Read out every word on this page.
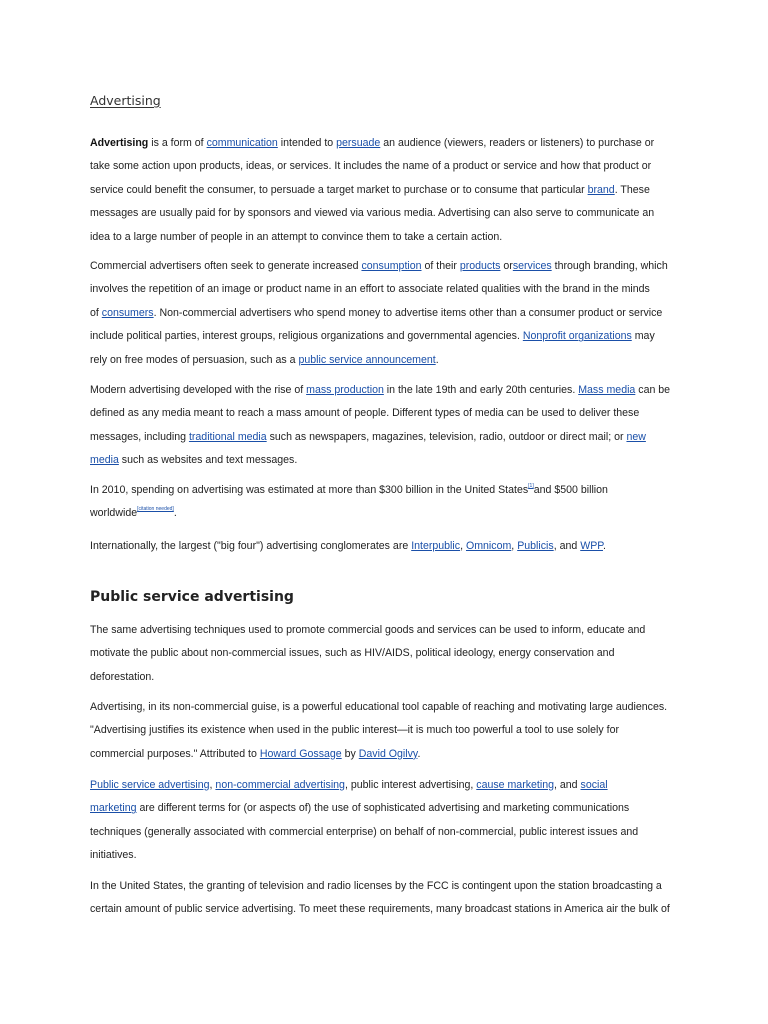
Advertising

Advertising is a form of communication intended to persuade an audience (viewers, readers or listeners) to purchase or
take some action upon products, ideas, or services. It includes the name of a product or service and how that product or
service could benefit the consumer, to persuade a target market to purchase or to consume that particular brand. These
messages are usually paid for by sponsors and viewed via various media. Advertising can also serve to communicate an
idea to a large number of people in an attempt to convince them to take a certain action.

Commercial advertisers often seek to generate increased consumption of their products orservices through branding, which
involves the repetition of an image or product name in an effort to associate related qualities with the brand in the minds
of consumers. Non-commercial advertisers who spend money to advertise items other than a consumer product or service
include political parties, interest groups, religious organizations and governmental agencies. Nonprofit organizations may
rely on free modes of persuasion, such as a public service announcement.

Modern advertising developed with the rise of mass production in the late 19th and early 20th centuries. Mass media can be
defined as any media meant to reach a mass amount of people. Different types of media can be used to deliver these
messages, including traditional media such as newspapers, magazines, television, radio, outdoor or direct mail; or new
media such as websites and text messages.

In 2010, spending on advertising was estimated at more than $300 billion in the United States[1]and $500 billion
worldwide[citation needed].

Internationally, the largest ("big four") advertising conglomerates are Interpublic, Omnicom, Publicis, and WPP.

Public service advertising

The same advertising techniques used to promote commercial goods and services can be used to inform, educate and
motivate the public about non-commercial issues, such as HIV/AIDS, political ideology, energy conservation and
deforestation.

Advertising, in its non-commercial guise, is a powerful educational tool capable of reaching and motivating large audiences.
"Advertising justifies its existence when used in the public interest—it is much too powerful a tool to use solely for
commercial purposes." Attributed to Howard Gossage by David Ogilvy.

Public service advertising, non-commercial advertising, public interest advertising, cause marketing, and social
marketing are different terms for (or aspects of) the use of sophisticated advertising and marketing communications
techniques (generally associated with commercial enterprise) on behalf of non-commercial, public interest issues and
initiatives.

In the United States, the granting of television and radio licenses by the FCC is contingent upon the station broadcasting a
certain amount of public service advertising. To meet these requirements, many broadcast stations in America air the bulk of
